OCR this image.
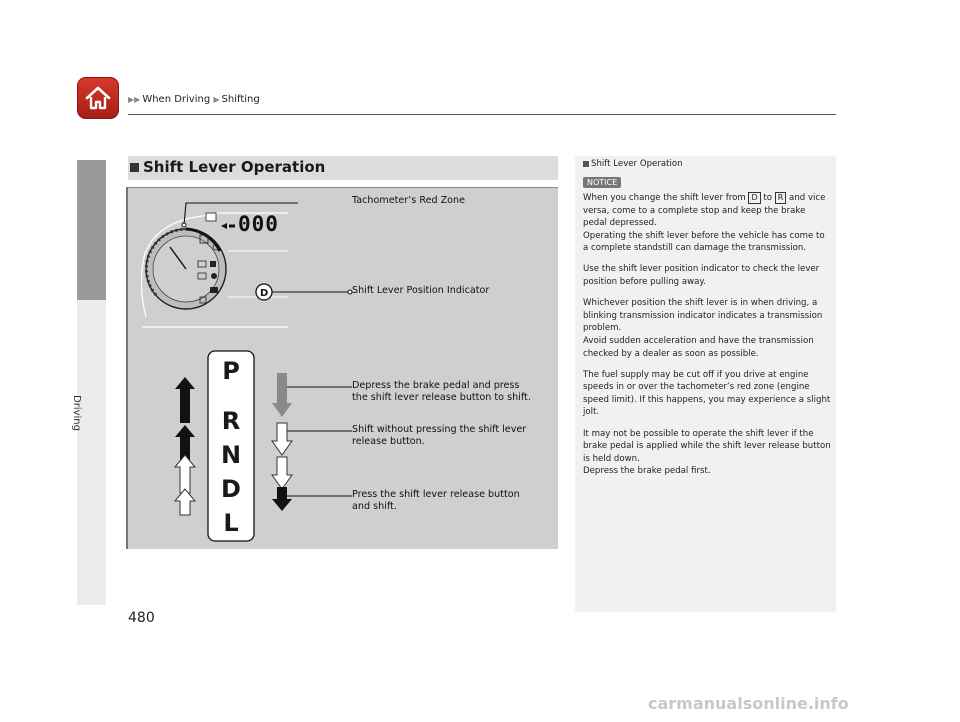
▶▶ When Driving ▶ Shifting
Driving
Shift Lever Operation
000
D
P
R
N
D
L
Tachometer’s Red Zone
Shift Lever Position Indicator
Depress the brake pedal and press
the shift lever release button to shift.
Shift without pressing the shift lever
release button.
Press the shift lever release button
and shift.
Shift Lever Operation
NOTICE

When you change the shift lever from D to R and vice versa, come to a complete stop and keep the brake pedal depressed.
Operating the shift lever before the vehicle has come to a complete standstill can damage the transmission.

Use the shift lever position indicator to check the lever position before pulling away.

Whichever position the shift lever is in when driving, a blinking transmission indicator indicates a transmission problem.
Avoid sudden acceleration and have the transmission checked by a dealer as soon as possible.

The fuel supply may be cut off if you drive at engine speeds in or over the tachometer’s red zone (engine speed limit). If this happens, you may experience a slight jolt.

It may not be possible to operate the shift lever if the brake pedal is applied while the shift lever release button is held down.
Depress the brake pedal first.

480
carmanualsonline.info
